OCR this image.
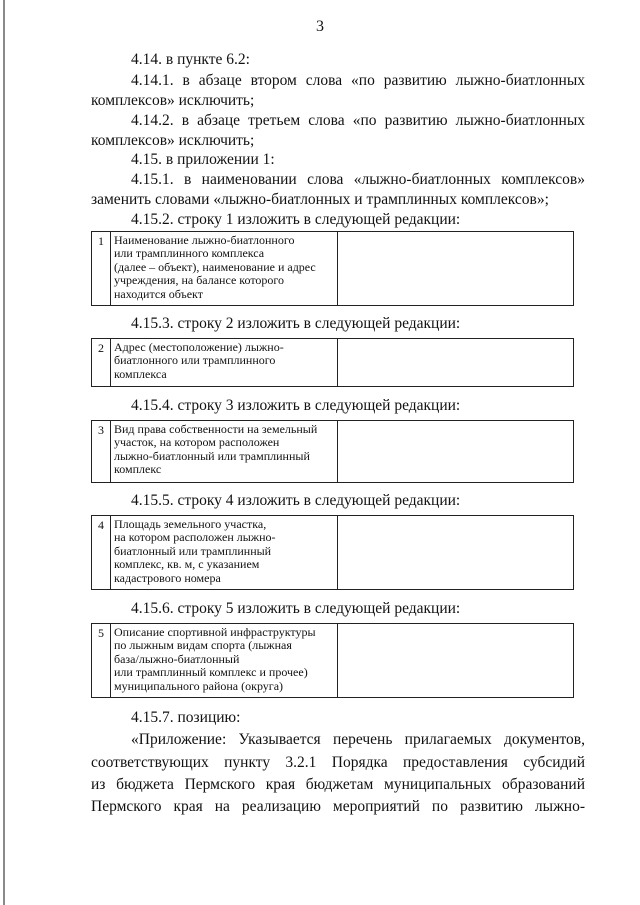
3
4.14. в пункте 6.2:
4.14.1. в абзаце втором слова «по развитию лыжно-биатлонных
комплексов» исключить;
4.14.2. в абзаце третьем слова «по развитию лыжно-биатлонных
комплексов» исключить;
4.15. в приложении 1:
4.15.1. в наименовании слова «лыжно-биатлонных комплексов»
заменить словами «лыжно-биатлонных и трамплинных комплексов»;
4.15.2. строку 1 изложить в следующей редакции:
1 Наименование лыжно-биатлонного
или трамплинного комплекса
(далее – объект), наименование и адрес
учреждения, на балансе которого
находится объект
4.15.3. строку 2 изложить в следующей редакции:
2 Адрес (местоположение) лыжно-
биатлонного или трамплинного
комплекса
4.15.4. строку 3 изложить в следующей редакции:
3 Вид права собственности на земельный
участок, на котором расположен
лыжно-биатлонный или трамплинный
комплекс
4.15.5. строку 4 изложить в следующей редакции:
4 Площадь земельного участка,
на котором расположен лыжно-
биатлонный или трамплинный
комплекс, кв. м, с указанием
кадастрового номера
4.15.6. строку 5 изложить в следующей редакции:
5 Описание спортивной инфраструктуры
по лыжным видам спорта (лыжная
база/лыжно-биатлонный
или трамплинный комплекс и прочее)
муниципального района (округа)
4.15.7. позицию:
«Приложение: Указывается перечень прилагаемых документов,
соответствующих пункту 3.2.1 Порядка предоставления субсидий
из бюджета Пермского края бюджетам муниципальных образований
Пермского края на реализацию мероприятий по развитию лыжно-
